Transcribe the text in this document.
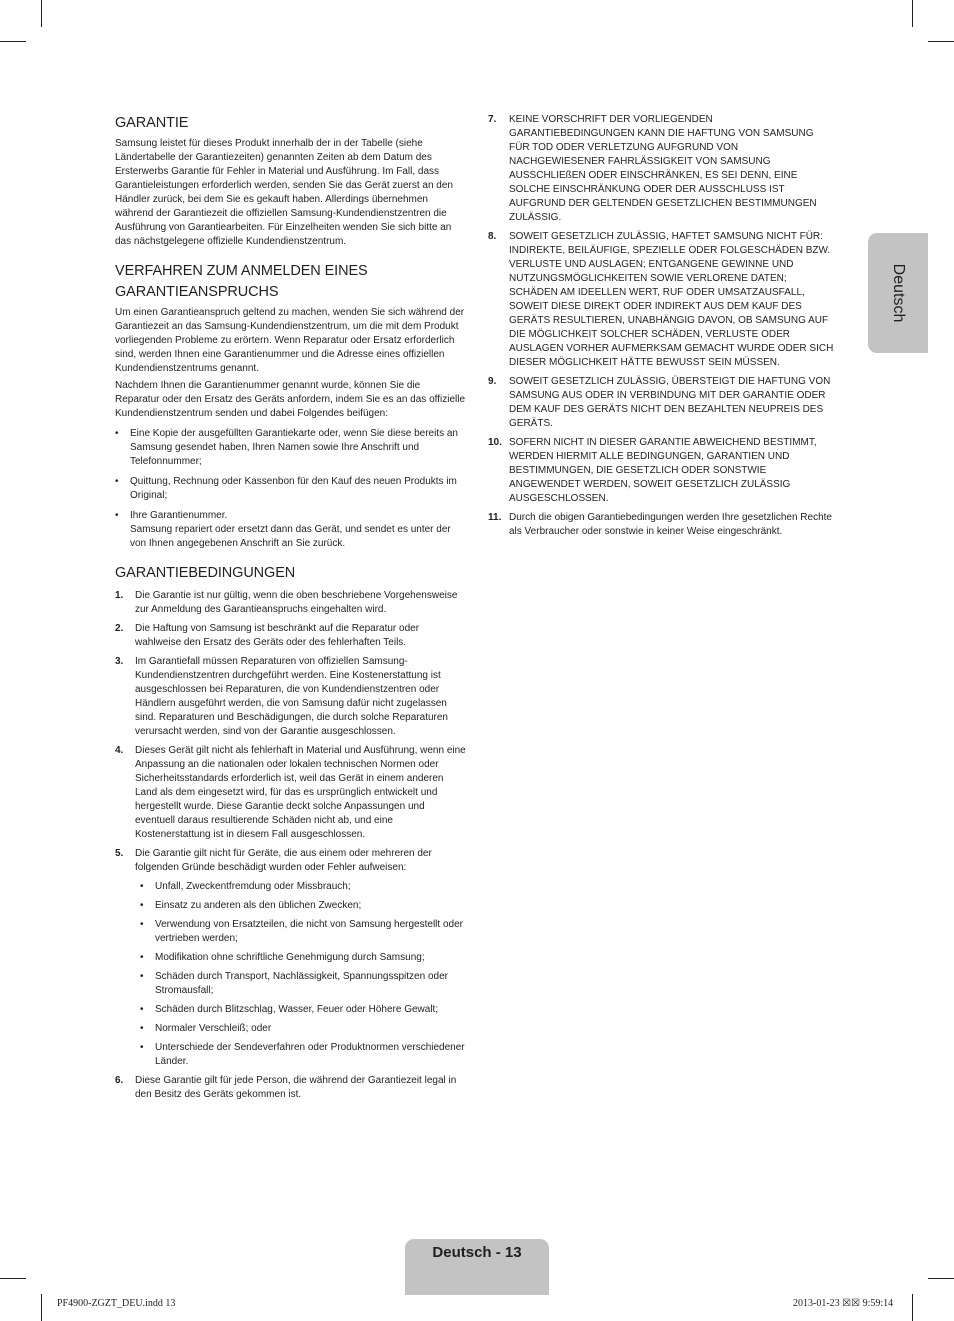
GARANTIE

Samsung leistet für dieses Produkt innerhalb der in der Tabelle (siehe Ländertabelle der Garantiezeiten) genannten Zeiten ab dem Datum des Ersterwerbs Garantie für Fehler in Material und Ausführung. Im Fall, dass Garantieleistungen erforderlich werden, senden Sie das Gerät zuerst an den Händler zurück, bei dem Sie es gekauft haben. Allerdings übernehmen während der Garantiezeit die offiziellen Samsung-Kundendienstzentren die Ausführung von Garantiearbeiten. Für Einzelheiten wenden Sie sich bitte an das nächstgelegene offizielle Kundendienstzentrum.

VERFAHREN ZUM ANMELDEN EINES GARANTIEANSPRUCHS

Um einen Garantieanspruch geltend zu machen, wenden Sie sich während der Garantiezeit an das Samsung-Kundendienstzentrum, um die mit dem Produkt vorliegenden Probleme zu erörtern. Wenn Reparatur oder Ersatz erforderlich sind, werden Ihnen eine Garantienummer und die Adresse eines offiziellen Kundendienstzentrums genannt.

Nachdem Ihnen die Garantienummer genannt wurde, können Sie die Reparatur oder den Ersatz des Geräts anfordern, indem Sie es an das offizielle Kundendienstzentrum senden und dabei Folgendes beifügen:

• Eine Kopie der ausgefüllten Garantiekarte oder, wenn Sie diese bereits an Samsung gesendet haben, Ihren Namen sowie Ihre Anschrift und Telefonnummer;
• Quittung, Rechnung oder Kassenbon für den Kauf des neuen Produkts im Original;
• Ihre Garantienummer.
Samsung repariert oder ersetzt dann das Gerät, und sendet es unter der von Ihnen angegebenen Anschrift an Sie zurück.
GARANTIEBEDINGUNGEN
1. Die Garantie ist nur gültig, wenn die oben beschriebene Vorgehensweise zur Anmeldung des Garantieanspruchs eingehalten wird.
2. Die Haftung von Samsung ist beschränkt auf die Reparatur oder wahlweise den Ersatz des Geräts oder des fehlerhaften Teils.
3. Im Garantiefall müssen Reparaturen von offiziellen Samsung-Kundendienstzentren durchgeführt werden. Eine Kostenerstattung ist ausgeschlossen bei Reparaturen, die von Kundendienstzentren oder Händlern ausgeführt werden, die von Samsung dafür nicht zugelassen sind. Reparaturen und Beschädigungen, die durch solche Reparaturen verursacht werden, sind von der Garantie ausgeschlossen.
4. Dieses Gerät gilt nicht als fehlerhaft in Material und Ausführung, wenn eine Anpassung an die nationalen oder lokalen technischen Normen oder Sicherheitsstandards erforderlich ist, weil das Gerät in einem anderen Land als dem eingesetzt wird, für das es ursprünglich entwickelt und hergestellt wurde. Diese Garantie deckt solche Anpassungen und eventuell daraus resultierende Schäden nicht ab, und eine Kostenerstattung ist in diesem Fall ausgeschlossen.
5. Die Garantie gilt nicht für Geräte, die aus einem oder mehreren der folgenden Gründe beschädigt wurden oder Fehler aufweisen:
• Unfall, Zweckentfremdung oder Missbrauch;
• Einsatz zu anderen als den üblichen Zwecken;
• Verwendung von Ersatzteilen, die nicht von Samsung hergestellt oder vertrieben werden;
• Modifikation ohne schriftliche Genehmigung durch Samsung;
• Schäden durch Transport, Nachlässigkeit, Spannungsspitzen oder Stromausfall;
• Schäden durch Blitzschlag, Wasser, Feuer oder Höhere Gewalt;
• Normaler Verschleiß; oder
• Unterschiede der Sendeverfahren oder Produktnormen verschiedener Länder.
6. Diese Garantie gilt für jede Person, die während der Garantiezeit legal in den Besitz des Geräts gekommen ist.
7. KEINE VORSCHRIFT DER VORLIEGENDEN GARANTIEBEDINGUNGEN KANN DIE HAFTUNG VON SAMSUNG FÜR TOD ODER VERLETZUNG AUFGRUND VON NACHGEWIESENER FAHRLÄSSIGKEIT VON SAMSUNG AUSSCHLIEßEN ODER EINSCHRÄNKEN, ES SEI DENN, EINE SOLCHE EINSCHRÄNKUNG ODER DER AUSSCHLUSS IST AUFGRUND DER GELTENDEN GESETZLICHEN BESTIMMUNGEN ZULÄSSIG.
8. SOWEIT GESETZLICH ZULÄSSIG, HAFTET SAMSUNG NICHT FÜR: INDIREKTE, BEILÄUFIGE, SPEZIELLE ODER FOLGESCHÄDEN BZW. VERLUSTE UND AUSLAGEN; ENTGANGENE GEWINNE UND NUTZUNGSMÖGLICHKEITEN SOWIE VERLORENE DATEN; SCHÄDEN AM IDEELLEN WERT, RUF ODER UMSATZAUSFALL, SOWEIT DIESE DIREKT ODER INDIREKT AUS DEM KAUF DES GERÄTS RESULTIEREN, UNABHÄNGIG DAVON, OB SAMSUNG AUF DIE MÖGLICHKEIT SOLCHER SCHÄDEN, VERLUSTE ODER AUSLAGEN VORHER AUFMERKSAM GEMACHT WURDE ODER SICH DIESER MÖGLICHKEIT HÄTTE BEWUSST SEIN MÜSSEN.
9. SOWEIT GESETZLICH ZULÄSSIG, ÜBERSTEIGT DIE HAFTUNG VON SAMSUNG AUS ODER IN VERBINDUNG MIT DER GARANTIE ODER DEM KAUF DES GERÄTS NICHT DEN BEZAHLTEN NEUPREIS DES GERÄTS.
10. SOFERN NICHT IN DIESER GARANTIE ABWEICHEND BESTIMMT, WERDEN HIERMIT ALLE BEDINGUNGEN, GARANTIEN UND BESTIMMUNGEN, DIE GESETZLICH ODER SONSTWIE ANGEWENDET WERDEN, SOWEIT GESETZLICH ZULÄSSIG AUSGESCHLOSSEN.
11. Durch die obigen Garantiebedingungen werden Ihre gesetzlichen Rechte als Verbraucher oder sonstwie in keiner Weise eingeschränkt.
Deutsch
Deutsch - 13
PF4900-ZGZT_DEU.indd 13	2013-01-23 ☒☒ 9:59:14
